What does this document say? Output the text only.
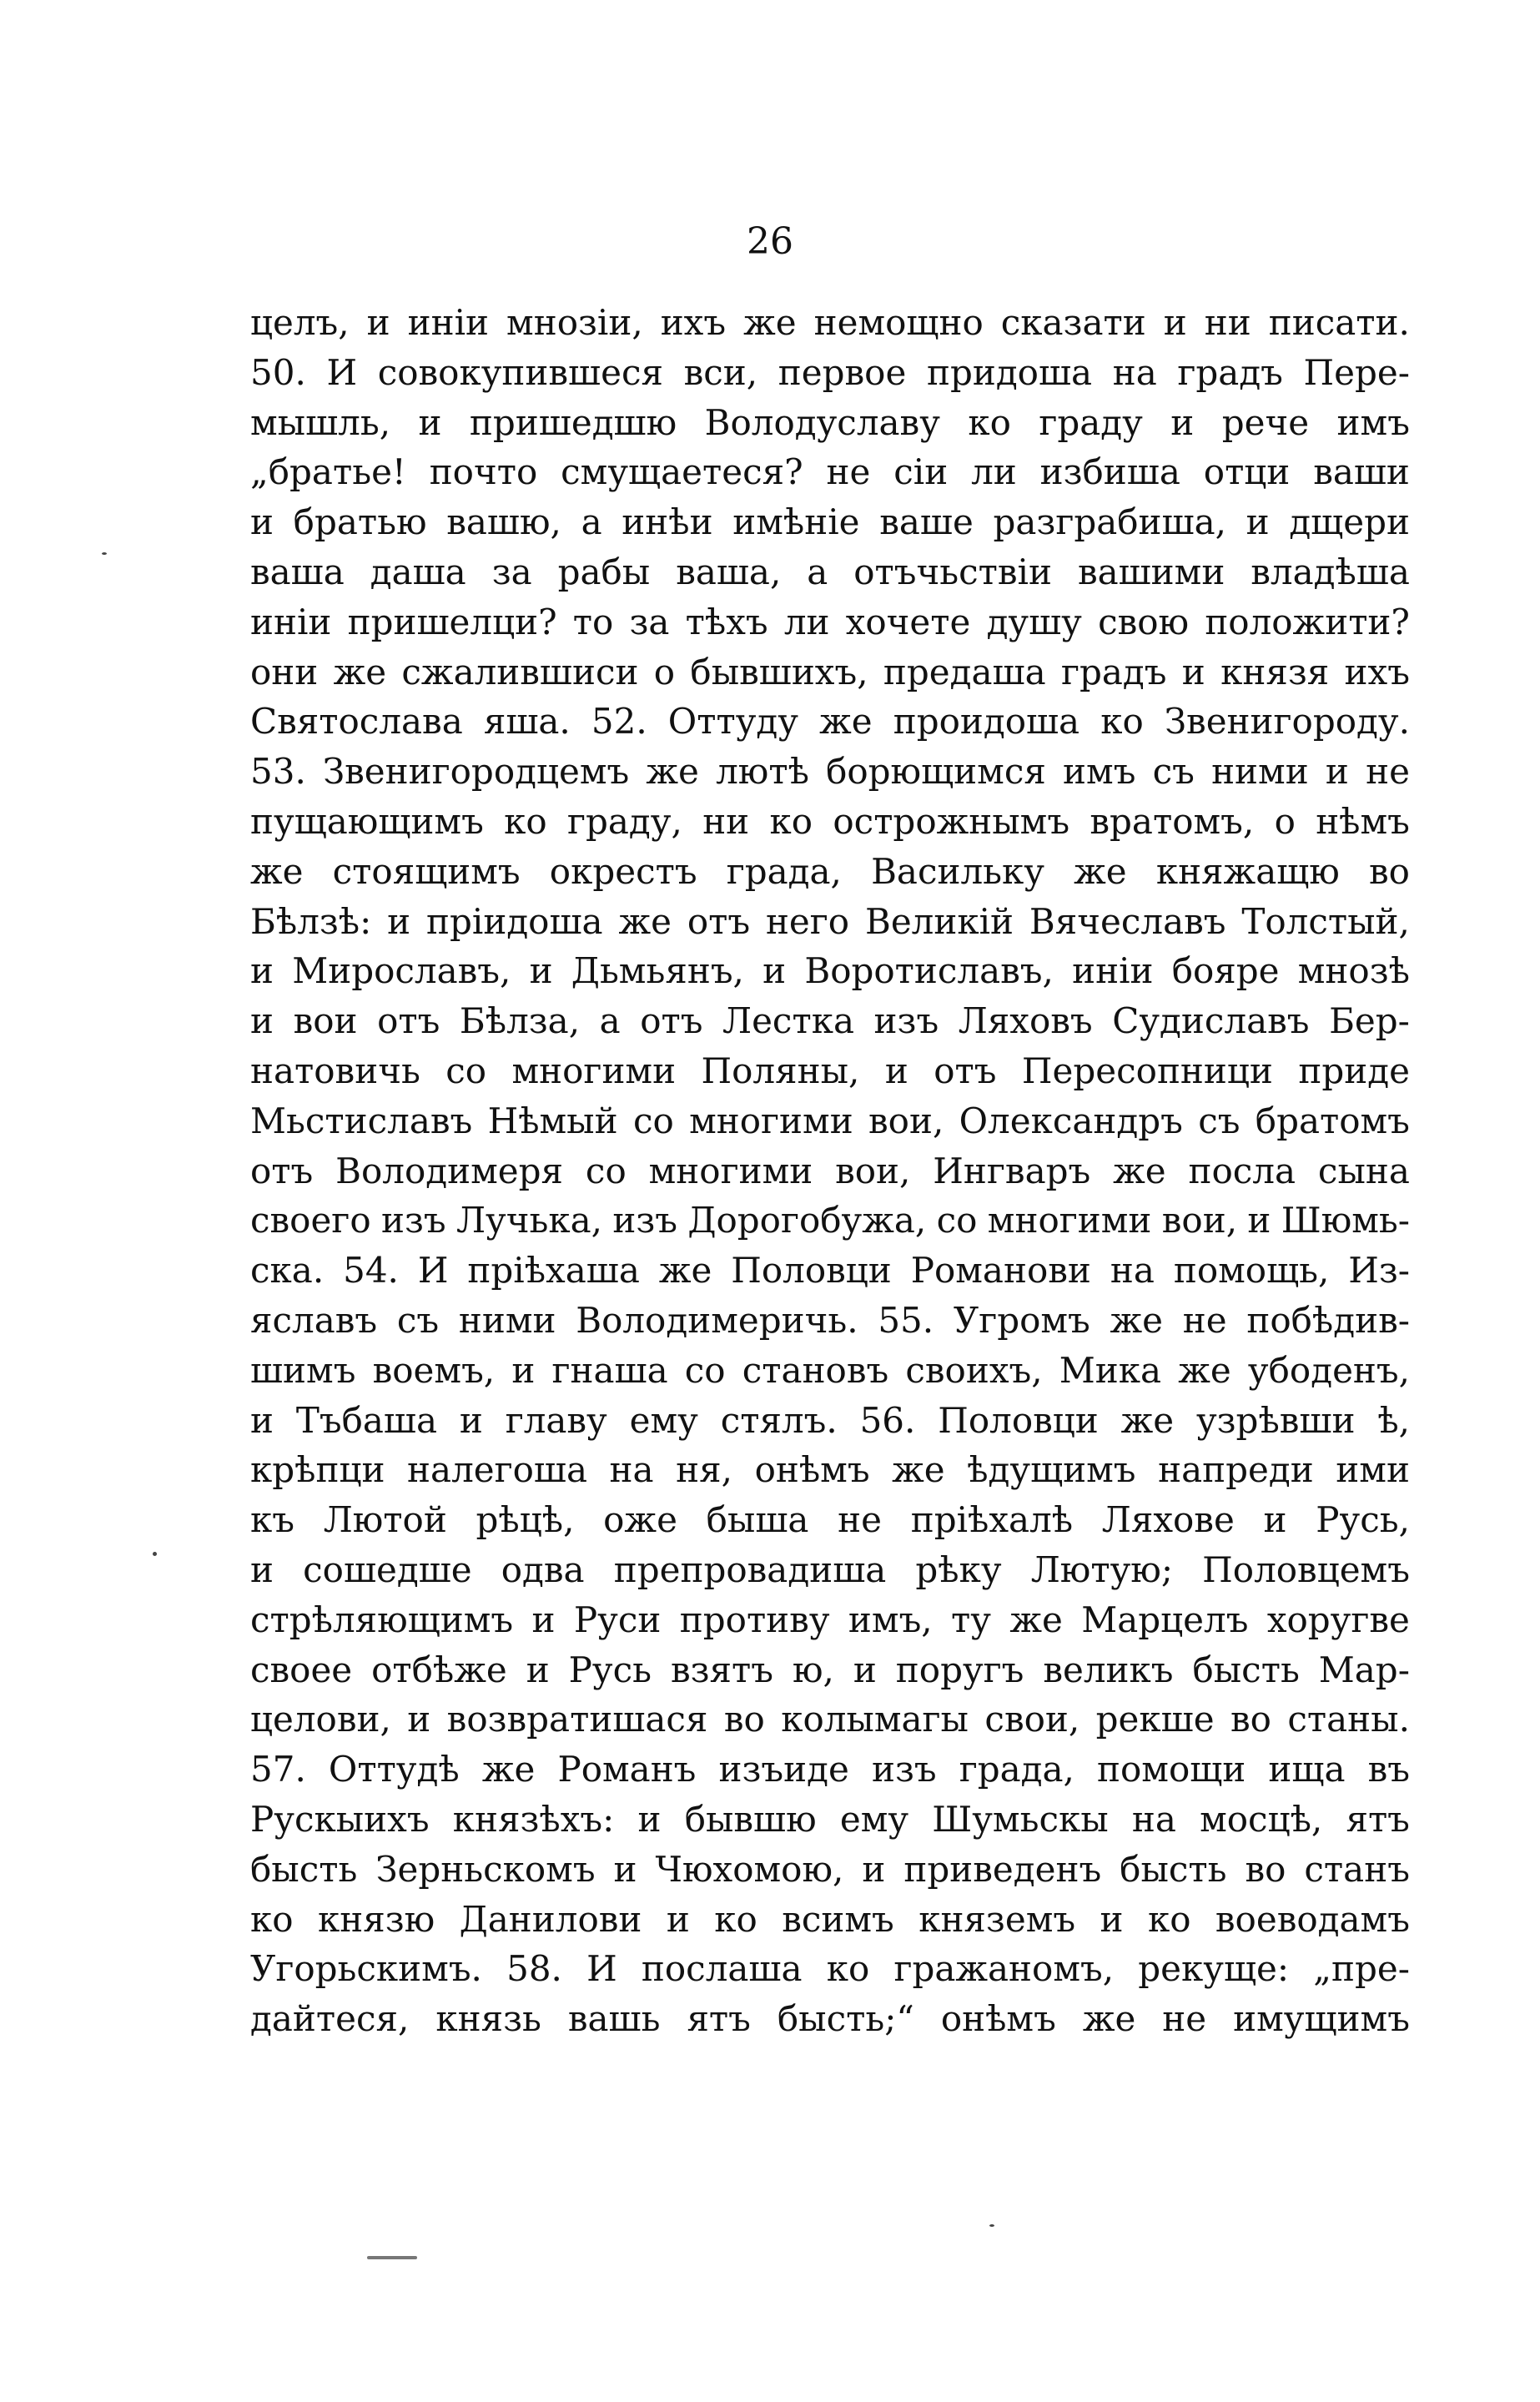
26
целъ, и иніи мнозіи, ихъ же немощно сказати и ни писати.
50. И совокупившеся вси, первое придоша на градъ Пере-
мышль, и пришедшю Володуславу ко граду и рече имъ
„братье! почто смущаетеся? не сіи ли избиша отци ваши
и братью вашю, а инѣи имѣніе ваше разграбиша, и дщери
ваша даша за рабы ваша, а отъчьствіи вашими владѣша
иніи пришелци? то за тѣхъ ли хочете душу свою положити?
они же сжалившиси о бывшихъ, предаша градъ и князя ихъ
Святослава яша. 52. Оттуду же проидоша ко Звенигороду.
53. Звенигородцемъ же лютѣ борющимся имъ съ ними и не
пущающимъ ко граду, ни ко острожнымъ вратомъ, о нѣмъ
же стоящимъ окрестъ града, Васильку же княжащю во
Бѣлзѣ: и пріидоша же отъ него Великій Вячеславъ Толстый,
и Мирославъ, и Дьмьянъ, и Воротиславъ, иніи бояре мнозѣ
и вои отъ Бѣлза, а отъ Лестка изъ Ляховъ Судиславъ Бер-
натовичь со многими Поляны, и отъ Пересопници приде
Мьстиславъ Нѣмый со многими вои, Олександръ съ братомъ
отъ Володимеря со многими вои, Ингваръ же посла сына
своего изъ Лучька, изъ Дорогобужа, со многими вои, и Шюмь-
ска. 54. И пріѣхаша же Половци Романови на помощь, Из-
яславъ съ ними Володимеричь. 55. Угромъ же не побѣдив-
шимъ воемъ, и гнаша со становъ своихъ, Мика же убоденъ,
и Тъбаша и главу ему стялъ. 56. Половци же узрѣвши ѣ,
крѣпци налегоша на ня, онѣмъ же ѣдущимъ напреди ими
къ Лютой рѣцѣ, оже быша не пріѣхалѣ Ляхове и Русь,
и сошедше одва препровадиша рѣку Лютую; Половцемъ
стрѣляющимъ и Руси противу имъ, ту же Марцелъ хоругве
своее отбѣже и Русь взятъ ю, и поругъ великъ бысть Мар-
целови, и возвратишася во колымагы свои, рекше во станы.
57. Оттудѣ же Романъ изъиде изъ града, помощи ища въ
Рускыихъ князѣхъ: и бывшю ему Шумьскы на мосцѣ, ятъ
бысть Зерньскомъ и Чюхомою, и приведенъ бысть во станъ
ко князю Данилови и ко всимъ княземъ и ко воеводамъ
Угорьскимъ. 58. И послаша ко гражаномъ, рекуще: „пре-
дайтеся, князь вашь ятъ бысть;“ онѣмъ же не имущимъ
